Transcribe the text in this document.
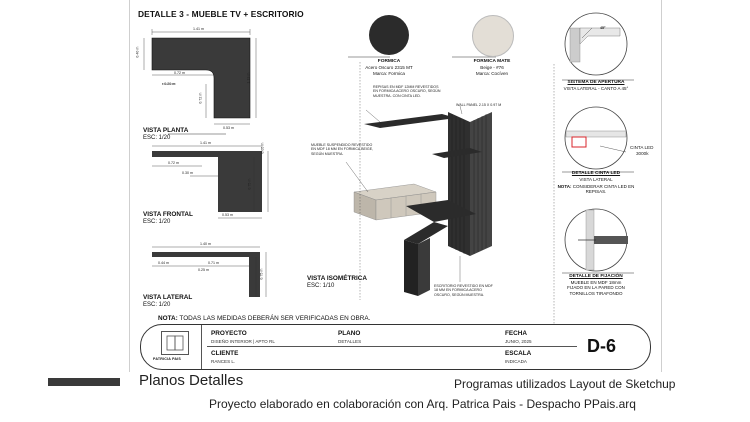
DETALLE 3 - MUEBLE TV + ESCRITORIO
1.41 m
0.40 m
0.72 m
r 0.20 m
1.13 m
0.72 m
0.53 m
1.41 m
0.72 m
0.30 m
0.05 m
0.75 m
0.53 m
1.40 m
0.44 m	0.71 m
0.25 m	0.75 m
VISTA PLANTA
ESC: 1/20
VISTA FRONTAL
ESC: 1/20
VISTA LATERAL
ESC: 1/20
VISTA ISOMÉTRICA
ESC: 1/10
FORMICA
Acero Oscuro 2315 MT
Marca: Formica
FORMICA MATE
Beige - #76
Marca: Cocíven
REPISAS EN MDF 12MM REVESTIDOS EN FORMICA ACERO OSCURO, SEGÚN MUESTRA. CON CINTA LED.
WALL PANEL 2.15 X 0.97 M
MUEBLE SUSPENDIDO REVESTIDO EN MDF 18 MM EN FORMICA BEIGE, SEGÚN MUESTRA.
ESCRITORIO REVESTIDO EN MDF 18 MM EN FORMICA ACERO OSCURO, SEGÚN MUESTRA.
45°
SISTEMA DE APERTURA
VISTA LATERAL - CANTO A 45°
CINTA LED
3000k
DETALLE CINTA LED
VISTA LATERAL
NOTA: CONSIDERAR CINTA LED EN REPISAS.
DETALLE DE FIJACIÓN
MUEBLE EN MDF 18mm FIJADO EN LA PARED CON TORNILLOS TIRAFONDO
NOTA: TODAS LAS MEDIDAS DEBERÁN SER VERIFICADAS EN OBRA.
PATRICIA PAIS
PROYECTO
DISEÑO INTERIOR | APTO RL
CLIENTE
RANCES L.
PLANO
DETALLES
FECHA
JUNIO, 2025
ESCALA
INDICADA
D-6
Planos Detalles	Programas utilizados Layout de Sketchup
Proyecto elaborado en colaboración con Arq. Patrica Pais - Despacho PPais.arq
